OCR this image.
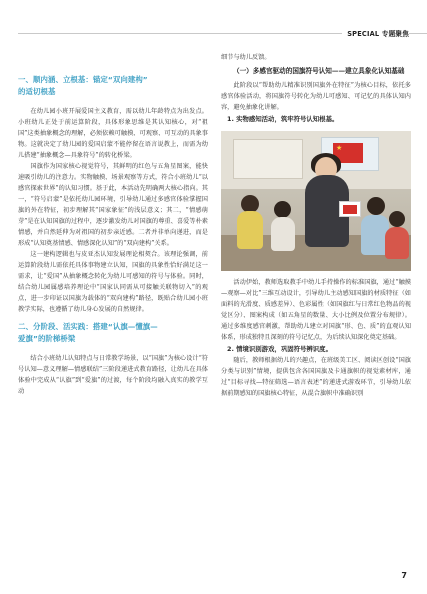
SPECIAL 专题聚焦
一、顺内涵、立根基：锚定“双向建构”
的适切根基

在幼儿园小班开展爱国主义教育，需以幼儿年龄特点为出发点。小班幼儿正处于前运算阶段，具体形象思维是其认知核心，对“祖国”这类抽象概念的理解，必须依赖可触摸、可观察、可互动的具象事物。这就决定了幼儿园的爱国启蒙不能停留在语言说教上，而需为幼儿搭建“抽象概念—具象符号”的转化桥梁。

国旗作为国家核心视觉符号，其鲜明的红色与五角星图案，能快速吸引幼儿的注意力。实物触摸、场景观察等方式，符合小班幼儿“以感官探索世界”的认知习惯。基于此，本活动先明确两大核心指向。其一，“符号启蒙”是依托幼儿园环境，引导幼儿通过多感官体验掌握国旗的外在特征，初步理解其“国家象征”的浅层意义；其二，“情感萌芽”是在认知国旗的过程中，逐步激发幼儿对国旗的尊重、喜爱等朴素情感，并自然延伸为对祖国的初步亲近感。二者并非单向递进，而是形成“认知奠基情感、情感深化认知”的“双向建构”关系。

这一建构逻辑也与皮亚杰认知发展理论相契合。该理论强调，前运算阶段幼儿需依托具体事物建立认知，国旗的具象性恰好满足这一需求，让“爱国”从抽象概念转化为幼儿可感知的符号与体验。同时，结合幼儿园属感培养理论中“国家认同需从可接触关联物切入”的观点，进一步印证以国旗为载体的“双向建构”路径，既贴合幼儿园小班教学实际，也遵循了幼儿身心发展的自然规律。

二、分阶段、活实践：搭建“认旗—懂旗—
爱旗”的阶梯桥梁

结合小班幼儿认知特点与日常教学场景，以“国旗”为核心设计“符号认知—意义理解—情感联结”三阶段递进式教育路径，让幼儿在具体体验中完成从“认旗”到“爱旗”的过渡，每个阶段均融入真实的教学互动

细节与幼儿反馈。

（一）多感官驱动的国旗符号认知——建立具象化认知基础

此阶段以“帮助幼儿精准识别国旗外在特征”为核心目标，依托多感官体验活动，将国旗符号转化为幼儿可感知、可记忆的具体认知内容，避免抽象化讲解。

1. 实物感知活动，筑牢符号认知根基。
★

活动伊始，教师选取教手中幼儿手持操作的标准国旗，通过“触摸—观察—对比”三维互动设计，引导幼儿主动感知国旗的材质特征（如面料的光滑度、质感差异）、色彩属性（如国旗红与日常红色物品的视觉区分）、图案构成（如五角星的数量、大小比例及位置分布规律）。通过多维度感官刺激，帮助幼儿建立对国旗“形、色、质”的直观认知体系，形成独特且深刻的符号记忆点，为后续认知深化奠定基础。

2. 情境识别游戏，巩固符号辨识度。

随后，教师根据幼儿的兴趣点，在班级美工区、阅读区创设“国旗分类与识别”情境，提供包含各国国旗及卡通旗帜的视觉素材库，通过“目标寻找—特征筛选—语言表述”的递进式游戏环节，引导幼儿依据前期感知的国旗核心特征，从混合旗帜中准确识别

7
